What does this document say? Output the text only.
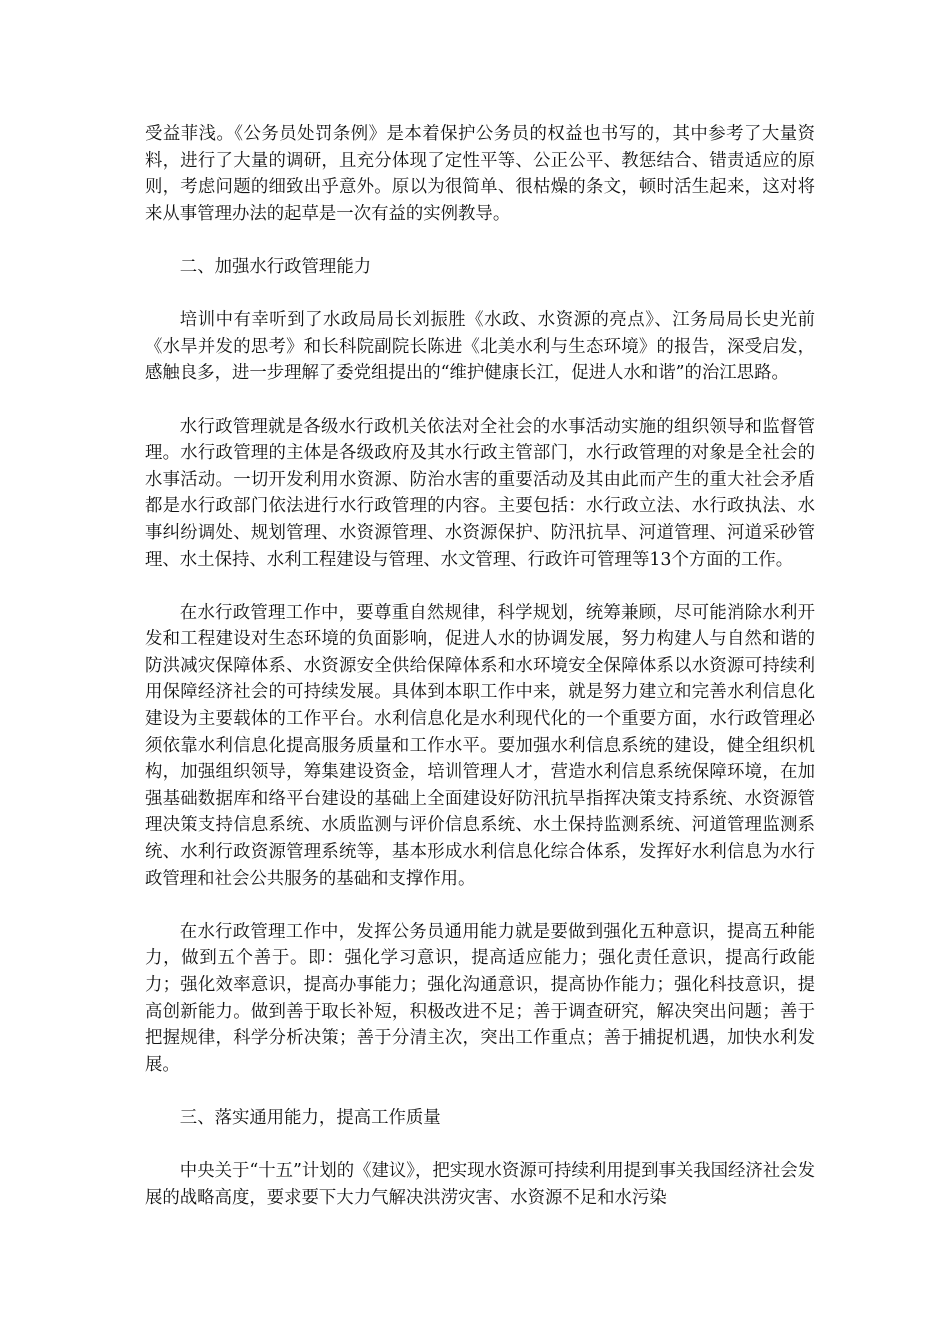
受益菲浅。《公务员处罚条例》是本着保护公务员的权益也书写的，其中参考了大量资料，进行了大量的调研，且充分体现了定性平等、公正公平、教惩结合、错责适应的原则，考虑问题的细致出乎意外。原以为很简单、很枯燥的条文，顿时活生起来，这对将来从事管理办法的起草是一次有益的实例教导。

二、加强水行政管理能力

培训中有幸听到了水政局局长刘振胜《水政、水资源的亮点》、江务局局长史光前《水旱并发的思考》和长科院副院长陈进《北美水利与生态环境》的报告，深受启发，感触良多，进一步理解了委党组提出的“维护健康长江，促进人水和谐”的治江思路。

水行政管理就是各级水行政机关依法对全社会的水事活动实施的组织领导和监督管理。水行政管理的主体是各级政府及其水行政主管部门，水行政管理的对象是全社会的水事活动。一切开发利用水资源、防治水害的重要活动及其由此而产生的重大社会矛盾都是水行政部门依法进行水行政管理的内容。主要包括：水行政立法、水行政执法、水事纠纷调处、规划管理、水资源管理、水资源保护、防汛抗旱、河道管理、河道采砂管理、水土保持、水利工程建设与管理、水文管理、行政许可管理等13个方面的工作。

在水行政管理工作中，要尊重自然规律，科学规划，统筹兼顾，尽可能消除水利开发和工程建设对生态环境的负面影响，促进人水的协调发展，努力构建人与自然和谐的防洪减灾保障体系、水资源安全供给保障体系和水环境安全保障体系以水资源可持续利用保障经济社会的可持续发展。具体到本职工作中来，就是努力建立和完善水利信息化建设为主要载体的工作平台。水利信息化是水利现代化的一个重要方面，水行政管理必须依靠水利信息化提高服务质量和工作水平。要加强水利信息系统的建设，健全组织机构，加强组织领导，筹集建设资金，培训管理人才，营造水利信息系统保障环境，在加强基础数据库和络平台建设的基础上全面建设好防汛抗旱指挥决策支持系统、水资源管理决策支持信息系统、水质监测与评价信息系统、水土保持监测系统、河道管理监测系统、水利行政资源管理系统等，基本形成水利信息化综合体系，发挥好水利信息为水行政管理和社会公共服务的基础和支撑作用。

在水行政管理工作中，发挥公务员通用能力就是要做到强化五种意识，提高五种能力，做到五个善于。即：强化学习意识，提高适应能力；强化责任意识，提高行政能力；强化效率意识，提高办事能力；强化沟通意识，提高协作能力；强化科技意识，提高创新能力。做到善于取长补短，积极改进不足；善于调查研究，解决突出问题；善于把握规律，科学分析决策；善于分清主次，突出工作重点；善于捕捉机遇，加快水利发展。

三、落实通用能力，提高工作质量

中央关于“十五”计划的《建议》，把实现水资源可持续利用提到事关我国经济社会发展的战略高度，要求要下大力气解决洪涝灾害、水资源不足和水污染
